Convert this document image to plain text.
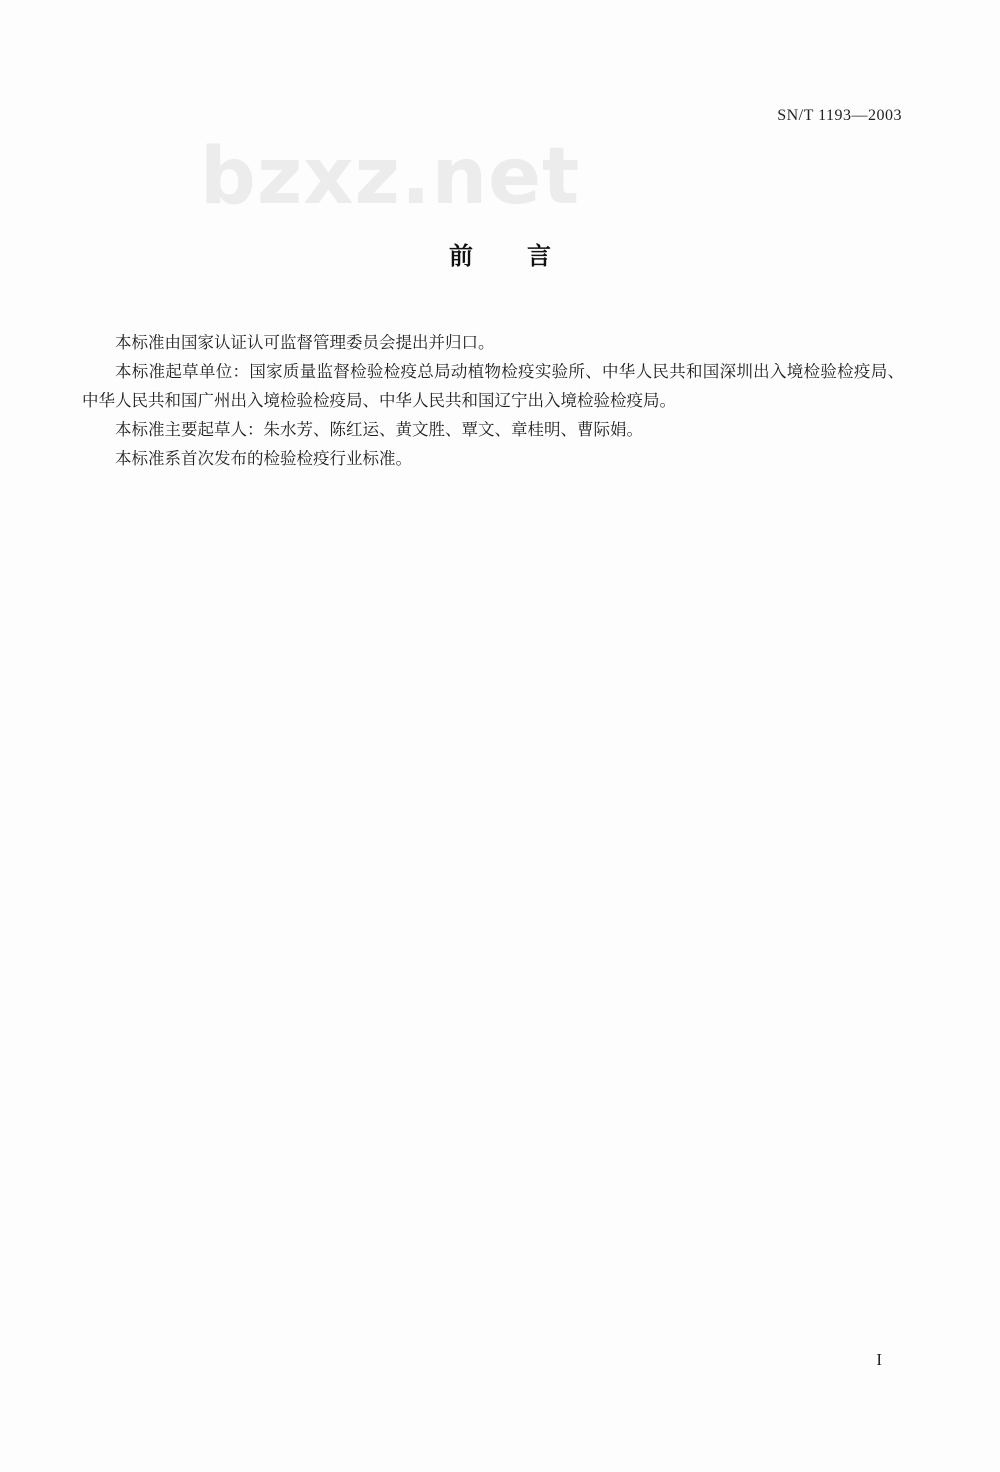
SN/T 1193—2003
bzxz.net
前言

本标准由国家认证认可监督管理委员会提出并归口。

本标准起草单位：国家质量监督检验检疫总局动植物检疫实验所、中华人民共和国深圳出入境检验检疫局、中华人民共和国广州出入境检验检疫局、中华人民共和国辽宁出入境检验检疫局。

本标准主要起草人：朱水芳、陈红运、黄文胜、覃文、章桂明、曹际娟。

本标准系首次发布的检验检疫行业标准。

I
